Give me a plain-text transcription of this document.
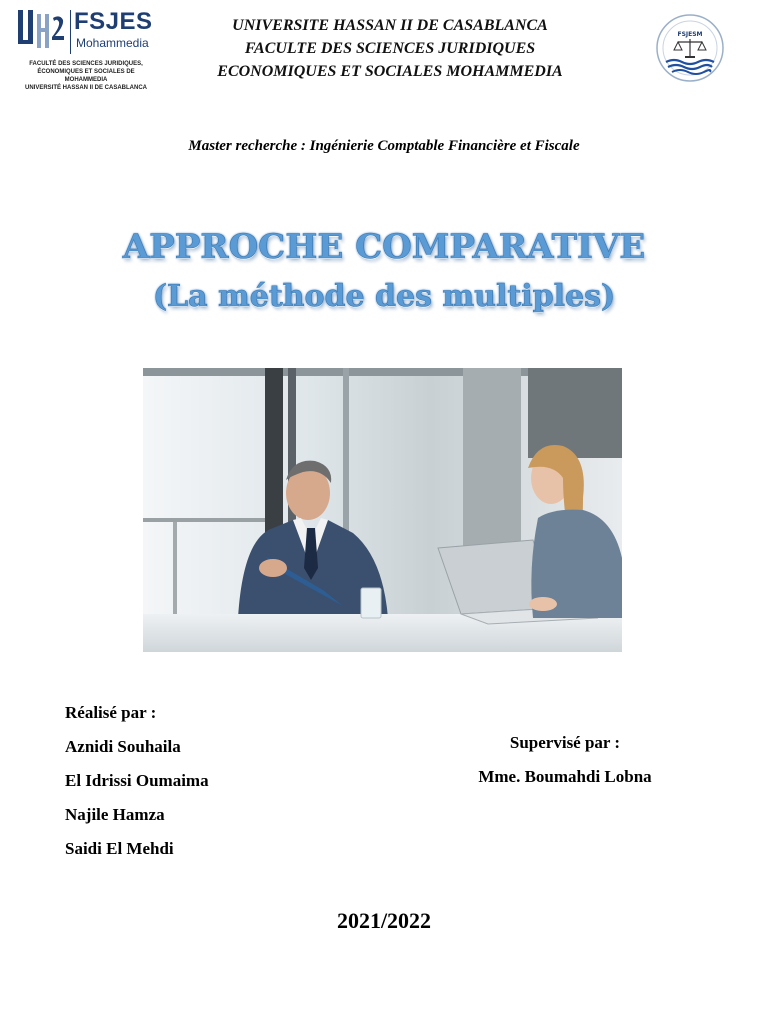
FSJES
Mohammedia
FACULTÉ DES SCIENCES JURIDIQUES,
ÉCONOMIQUES ET SOCIALES DE MOHAMMEDIA
UNIVERSITÉ HASSAN II DE CASABLANCA
UNIVERSITE HASSAN II DE CASABLANCA
FACULTE DES SCIENCES JURIDIQUES
ECONOMIQUES ET SOCIALES MOHAMMEDIA
FSJESM
Master recherche : Ingénierie Comptable Financière et Fiscale
APPROCHE COMPARATIVE
(La méthode des multiples)
Réalisé par :
Aznidi Souhaila
El Idrissi Oumaima
Najile Hamza
Saidi El Mehdi
Supervisé par :
Mme. Boumahdi Lobna
2021/2022
